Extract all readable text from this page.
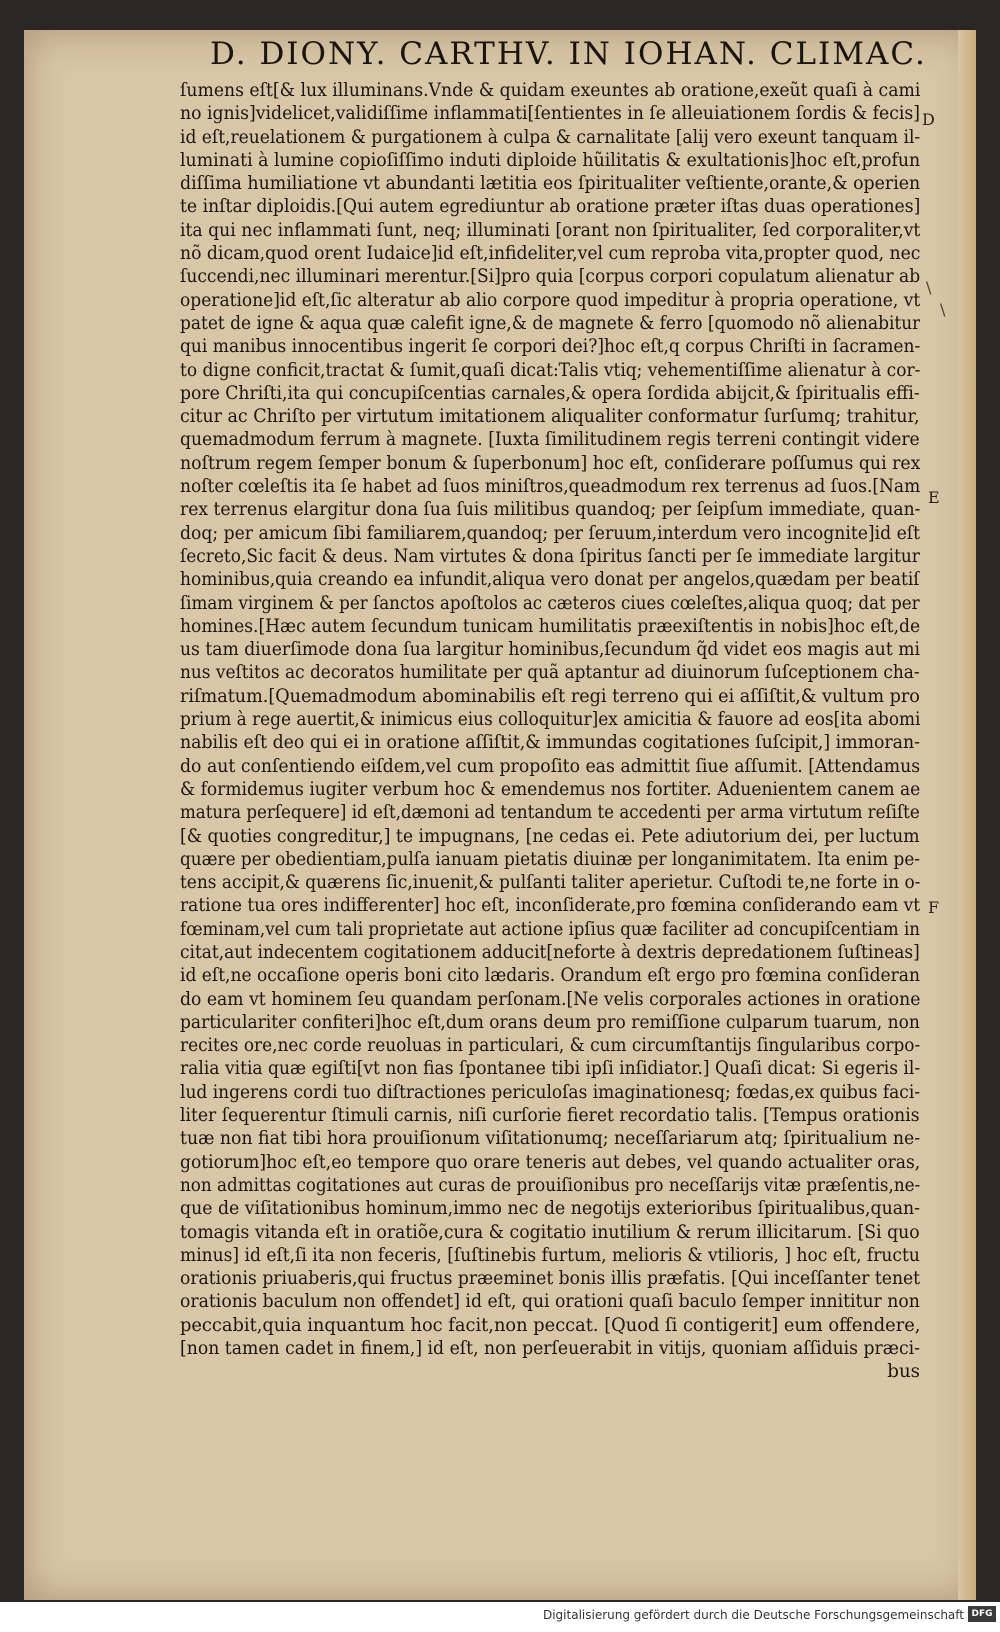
D. DIONY. CARTHV. IN IOHAN. CLIMAC.
ſumens eſt[& lux illuminans.Vnde & quidam exeuntes ab oratione,exeũt quaſi à cami
no ignis]videlicet,validiſſime inflammati[ſentientes in ſe alleuiationem ſordis & fecis]
id eſt,reuelationem & purgationem à culpa & carnalitate [alij vero exeunt tanquam il-
luminati à lumine copioſiſſimo induti diploide hũilitatis & exultationis]hoc eſt,profun
diſſima humiliatione vt abundanti lætitia eos ſpiritualiter veſtiente,orante,& operien
te inſtar diploidis.[Qui autem egrediuntur ab oratione præter iſtas duas operationes]
ita qui nec inflammati ſunt, neq; illuminati [orant non ſpiritualiter, ſed corporaliter,vt
nõ dicam,quod orent Iudaice]id eſt,infideliter,vel cum reproba vita,propter quod, nec
ſuccendi,nec illuminari merentur.[Si]pro quia [corpus corpori copulatum alienatur ab
operatione]id eſt,ſic alteratur ab alio corpore quod impeditur à propria operatione, vt
patet de igne & aqua quæ calefit igne,& de magnete & ferro [quomodo nõ alienabitur
qui manibus innocentibus ingerit ſe corpori dei?]hoc eſt,q corpus Chriſti in ſacramen-
to digne conficit,tractat & ſumit,quaſi dicat:Talis vtiq; vehementiſſime alienatur à cor-
pore Chriſti,ita qui concupiſcentias carnales,& opera ſordida abijcit,& ſpiritualis effi-
citur ac Chriſto per virtutum imitationem aliqualiter conformatur ſurſumq; trahitur,
quemadmodum ferrum à magnete. [Iuxta ſimilitudinem regis terreni contingit videre
noſtrum regem ſemper bonum & ſuperbonum] hoc eſt, conſiderare poſſumus qui rex
noſter cœleſtis ita ſe habet ad ſuos miniſtros,queadmodum rex terrenus ad ſuos.[Nam
rex terrenus elargitur dona ſua ſuis militibus quandoq; per ſeipſum immediate, quan-
doq; per amicum ſibi familiarem,quandoq; per ſeruum,interdum vero incognite]id eſt
ſecreto,Sic facit & deus. Nam virtutes & dona ſpiritus ſancti per ſe immediate largitur
hominibus,quia creando ea infundit,aliqua vero donat per angelos,quædam per beatiſ
ſimam virginem & per ſanctos apoſtolos ac cæteros ciues cœleſtes,aliqua quoq; dat per
homines.[Hæc autem ſecundum tunicam humilitatis præexiſtentis in nobis]hoc eſt,de
us tam diuerſimode dona ſua largitur hominibus,ſecundum q̃d videt eos magis aut mi
nus veſtitos ac decoratos humilitate per quã aptantur ad diuinorum ſuſceptionem cha-
riſmatum.[Quemadmodum abominabilis eſt regi terreno qui ei aſſiſtit,& vultum pro
prium à rege auertit,& inimicus eius colloquitur]ex amicitia & fauore ad eos[ita abomi
nabilis eſt deo qui ei in oratione aſſiſtit,& immundas cogitationes ſuſcipit,] immoran-
do aut conſentiendo eiſdem,vel cum propoſito eas admittit ſiue aſſumit. [Attendamus
& formidemus iugiter verbum hoc & emendemus nos fortiter. Aduenientem canem ae
matura perſequere] id eſt,dæmoni ad tentandum te accedenti per arma virtutum reſiſte
[& quoties congreditur,] te impugnans, [ne cedas ei. Pete adiutorium dei, per luctum
quære per obedientiam,pulſa ianuam pietatis diuinæ per longanimitatem. Ita enim pe-
tens accipit,& quærens ſic,inuenit,& pulſanti taliter aperietur. Cuſtodi te,ne forte in o-
ratione tua ores indifferenter] hoc eſt, inconſiderate,pro fœmina conſiderando eam vt
fœminam,vel cum tali proprietate aut actione ipſius quæ faciliter ad concupiſcentiam in
citat,aut indecentem cogitationem adducit[neforte à dextris depredationem ſuſtineas]
id eſt,ne occaſione operis boni cito lædaris. Orandum eſt ergo pro fœmina conſideran
do eam vt hominem ſeu quandam perſonam.[Ne velis corporales actiones in oratione
particulariter confiteri]hoc eſt,dum orans deum pro remiſſione culparum tuarum, non
recites ore,nec corde reuoluas in particulari, & cum circumſtantijs ſingularibus corpo-
ralia vitia quæ egiſti[vt non fias ſpontanee tibi ipſi inſidiator.] Quaſi dicat: Si egeris il-
lud ingerens cordi tuo diſtractiones periculoſas imaginationesq; fœdas,ex quibus faci-
liter ſequerentur ſtimuli carnis, niſi curſorie fieret recordatio talis. [Tempus orationis
tuæ non fiat tibi hora prouiſionum viſitationumq; neceſſariarum atq; ſpiritualium ne-
gotiorum]hoc eſt,eo tempore quo orare teneris aut debes, vel quando actualiter oras,
non admittas cogitationes aut curas de prouiſionibus pro neceſſarijs vitæ præſentis,ne-
que de viſitationibus hominum,immo nec de negotijs exterioribus ſpiritualibus,quan-
tomagis vitanda eſt in oratiõe,cura & cogitatio inutilium & rerum illicitarum. [Si quo
minus] id eſt,ſi ita non feceris, [ſuſtinebis furtum, melioris & vtilioris, ] hoc eſt, fructu
orationis priuaberis,qui fructus præeminet bonis illis præfatis. [Qui inceſſanter tenet
orationis baculum non offendet] id eſt, qui orationi quaſi baculo ſemper innititur non
peccabit,quia inquantum hoc facit,non peccat. [Quod ſi contigerit] eum offendere,
[non tamen cadet in finem,] id eſt, non perſeuerabit in vitijs, quoniam aſſiduis præci-
bus
D
E
F
\
\
Digitalisierung gefördert durch die Deutsche Forschungsgemeinschaft DFG
